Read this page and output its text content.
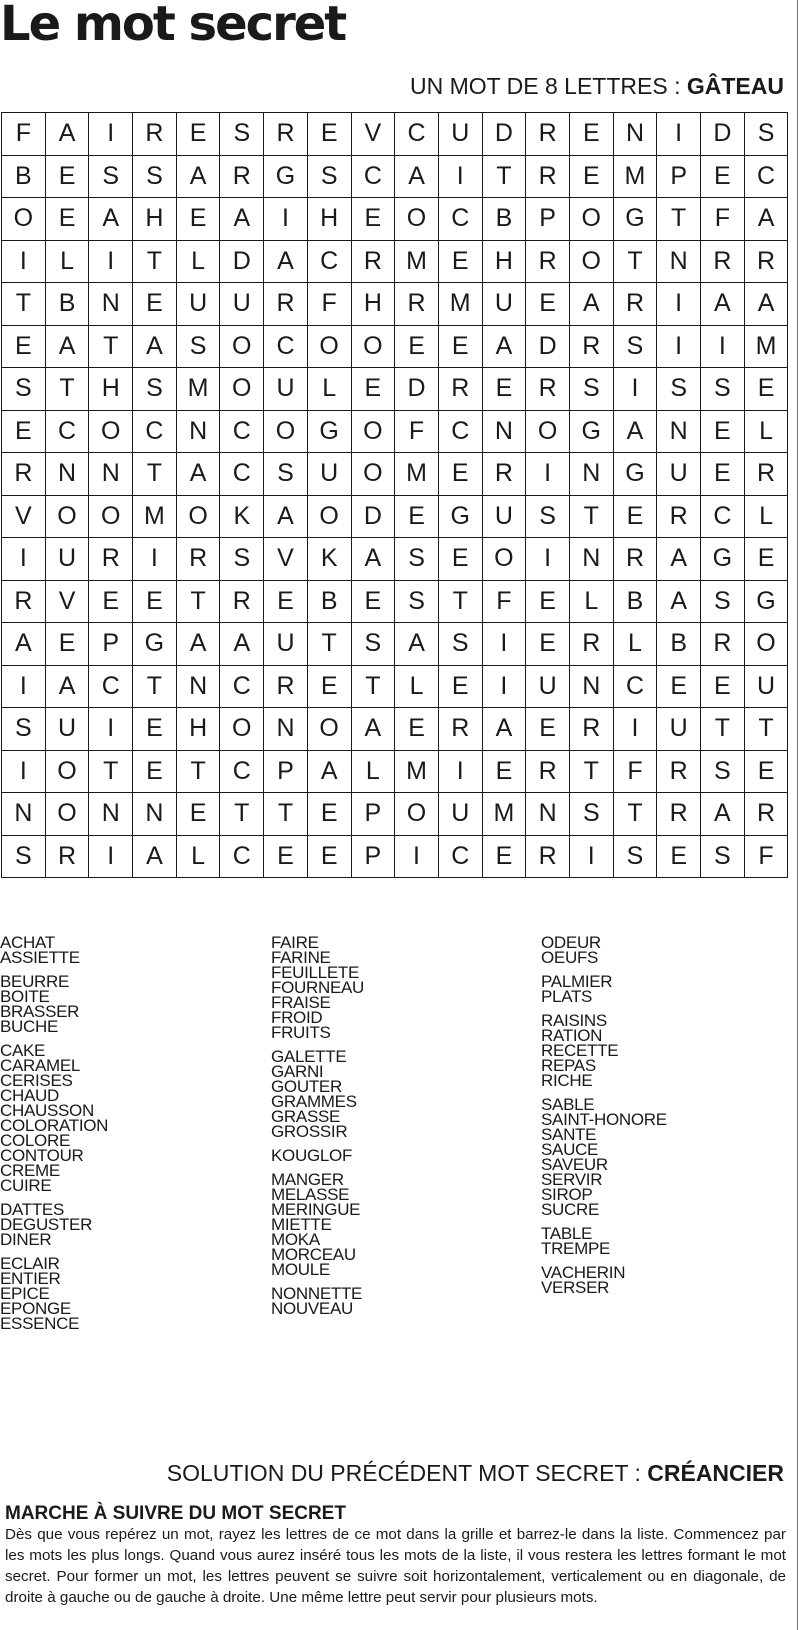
Le mot secret
UN MOT DE 8 LETTRES : GÂTEAU
F	A	I	R	E	S	R	E	V	C	U	D	R	E	N	I	D	S
B	E	S	S	A	R	G	S	C	A	I	T	R	E	M	P	E	C
O	E	A	H	E	A	I	H	E	O	C	B	P	O	G	T	F	A
I	L	I	T	L	D	A	C	R	M	E	H	R	O	T	N	R	R
T	B	N	E	U	U	R	F	H	R	M	U	E	A	R	I	A	A
E	A	T	A	S	O	C	O	O	E	E	A	D	R	S	I	I	M
S	T	H	S	M	O	U	L	E	D	R	E	R	S	I	S	S	E
E	C	O	C	N	C	O	G	O	F	C	N	O	G	A	N	E	L
R	N	N	T	A	C	S	U	O	M	E	R	I	N	G	U	E	R
V	O	O	M	O	K	A	O	D	E	G	U	S	T	E	R	C	L
I	U	R	I	R	S	V	K	A	S	E	O	I	N	R	A	G	E
R	V	E	E	T	R	E	B	E	S	T	F	E	L	B	A	S	G
A	E	P	G	A	A	U	T	S	A	S	I	E	R	L	B	R	O
I	A	C	T	N	C	R	E	T	L	E	I	U	N	C	E	E	U
S	U	I	E	H	O	N	O	A	E	R	A	E	R	I	U	T	T
I	O	T	E	T	C	P	A	L	M	I	E	R	T	F	R	S	E
N	O	N	N	E	T	T	E	P	O	U	M	N	S	T	R	A	R
S	R	I	A	L	C	E	E	P	I	C	E	R	I	S	E	S	F
ACHAT
ASSIETTE
BEURRE
BOITE
BRASSER
BUCHE
CAKE
CARAMEL
CERISES
CHAUD
CHAUSSON
COLORATION
COLORE
CONTOUR
CREME
CUIRE
DATTES
DEGUSTER
DINER
ECLAIR
ENTIER
EPICE
EPONGE
ESSENCE
FAIRE
FARINE
FEUILLETE
FOURNEAU
FRAISE
FROID
FRUITS
GALETTE
GARNI
GOUTER
GRAMMES
GRASSE
GROSSIR
KOUGLOF
MANGER
MELASSE
MERINGUE
MIETTE
MOKA
MORCEAU
MOULE
NONNETTE
NOUVEAU
ODEUR
OEUFS
PALMIER
PLATS
RAISINS
RATION
RECETTE
REPAS
RICHE
SABLE
SAINT-HONORE
SANTE
SAUCE
SAVEUR
SERVIR
SIROP
SUCRE
TABLE
TREMPE
VACHERIN
VERSER
SOLUTION DU PRÉCÉDENT MOT SECRET : CRÉANCIER
MARCHE À SUIVRE DU MOT SECRET
Dès que vous repérez un mot, rayez les lettres de ce mot dans la grille et barrez-le dans la liste. Commencez par les mots les plus longs. Quand vous aurez inséré tous les mots de la liste, il vous restera les lettres formant le mot secret. Pour former un mot, les lettres peuvent se suivre soit horizontalement, verticalement ou en diagonale, de droite à gauche ou de gauche à droite. Une même lettre peut servir pour plusieurs mots.
